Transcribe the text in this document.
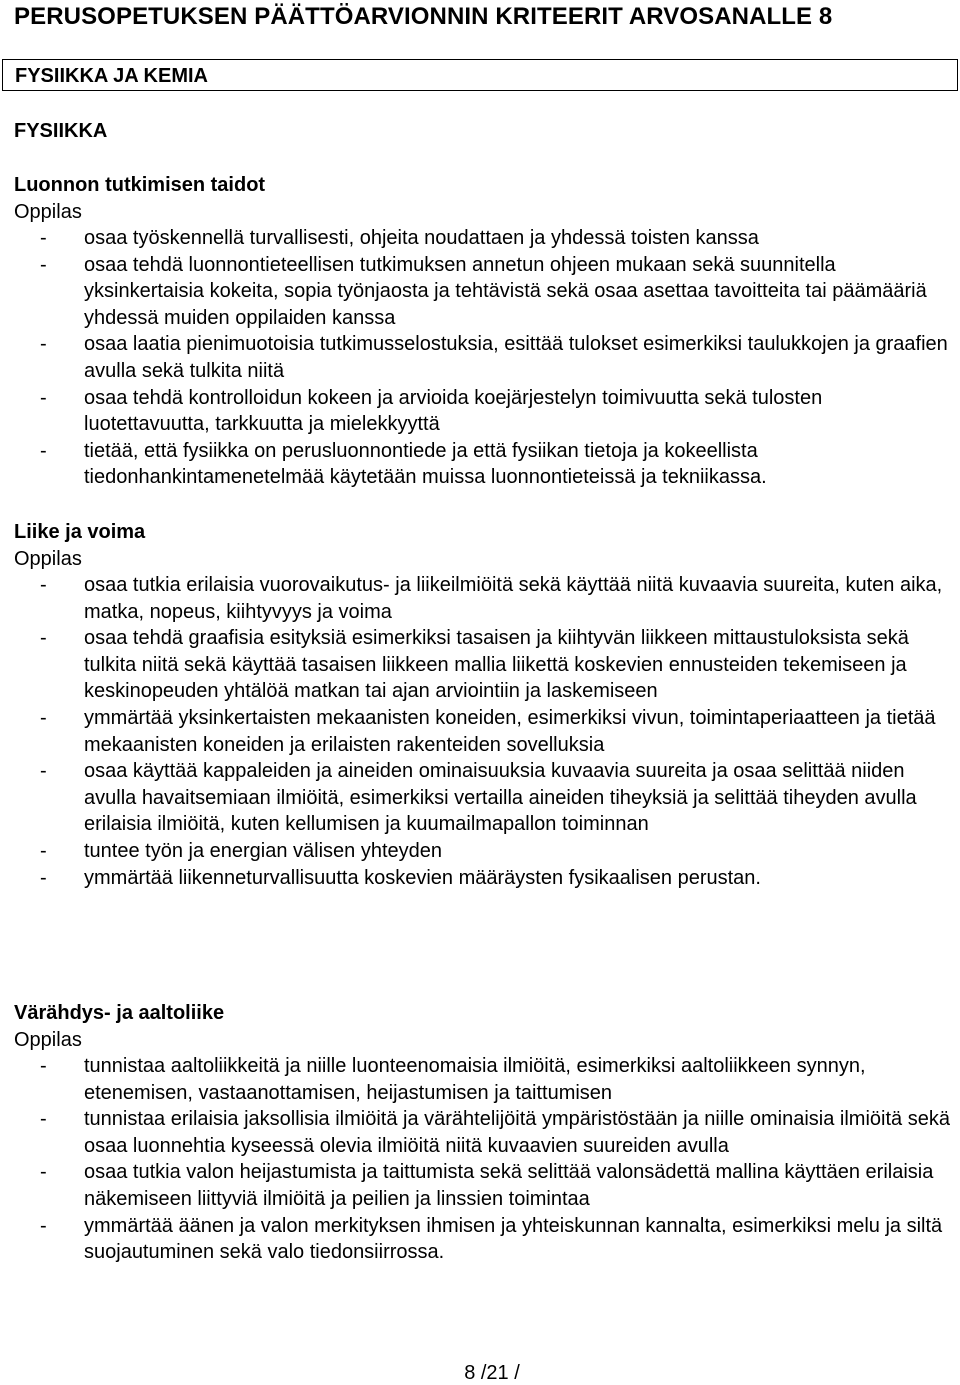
PERUSOPETUKSEN PÄÄTTÖARVIONNIN KRITEERIT ARVOSANALLE 8
FYSIIKKA JA KEMIA
FYSIIKKA
Luonnon tutkimisen taidot
Oppilas
- osaa työskennellä turvallisesti, ohjeita noudattaen ja yhdessä toisten kanssa
- osaa tehdä luonnontieteellisen tutkimuksen annetun ohjeen mukaan sekä suunnitella yksinkertaisia kokeita, sopia työnjaosta ja tehtävistä sekä osaa asettaa tavoitteita tai päämääriä yhdessä muiden oppilaiden kanssa
- osaa laatia pienimuotoisia tutkimusselostuksia, esittää tulokset esimerkiksi taulukkojen ja graafien avulla sekä tulkita niitä
- osaa tehdä kontrolloidun kokeen ja arvioida koejärjestelyn toimivuutta sekä tulosten luotettavuutta, tarkkuutta ja mielekkyyttä
- tietää, että fysiikka on perusluonnontiede ja että fysiikan tietoja ja kokeellista tiedonhankintamenetelmää käytetään muissa luonnontieteissä ja tekniikassa.
Liike ja voima
Oppilas
- osaa tutkia erilaisia vuorovaikutus- ja liikeilmiöitä sekä käyttää niitä kuvaavia suureita, kuten aika, matka, nopeus, kiihtyvyys ja voima
- osaa tehdä graafisia esityksiä esimerkiksi tasaisen ja kiihtyvän liikkeen mittaustuloksista sekä tulkita niitä sekä käyttää tasaisen liikkeen mallia liikettä koskevien ennusteiden tekemiseen ja keskinopeuden yhtälöä matkan tai ajan arviointiin ja laskemiseen
- ymmärtää yksinkertaisten mekaanisten koneiden, esimerkiksi vivun, toimintaperiaatteen ja tietää mekaanisten koneiden ja erilaisten rakenteiden sovelluksia
- osaa käyttää kappaleiden ja aineiden ominaisuuksia kuvaavia suureita ja osaa selittää niiden avulla havaitsemiaan ilmiöitä, esimerkiksi vertailla aineiden tiheyksiä ja selittää tiheyden avulla erilaisia ilmiöitä, kuten kellumisen ja kuumailmapallon toiminnan
- tuntee työn ja energian välisen yhteyden
- ymmärtää liikenneturvallisuutta koskevien määräysten fysikaalisen perustan.
Värähdys- ja aaltoliike
Oppilas
- tunnistaa aaltoliikkeitä ja niille luonteenomaisia ilmiöitä, esimerkiksi aaltoliikkeen synnyn, etenemisen, vastaanottamisen, heijastumisen ja taittumisen
- tunnistaa erilaisia jaksollisia ilmiöitä ja värähtelijöitä ympäristöstään ja niille ominaisia ilmiöitä sekä osaa luonnehtia kyseessä olevia ilmiöitä niitä kuvaavien suureiden avulla
- osaa tutkia valon heijastumista ja taittumista sekä selittää valonsädettä mallina käyttäen erilaisia näkemiseen liittyviä ilmiöitä ja peilien ja linssien toimintaa
- ymmärtää äänen ja valon merkityksen ihmisen ja yhteiskunnan kannalta, esimerkiksi melu ja siltä suojautuminen sekä valo tiedonsiirrossa.
8 /21 /
